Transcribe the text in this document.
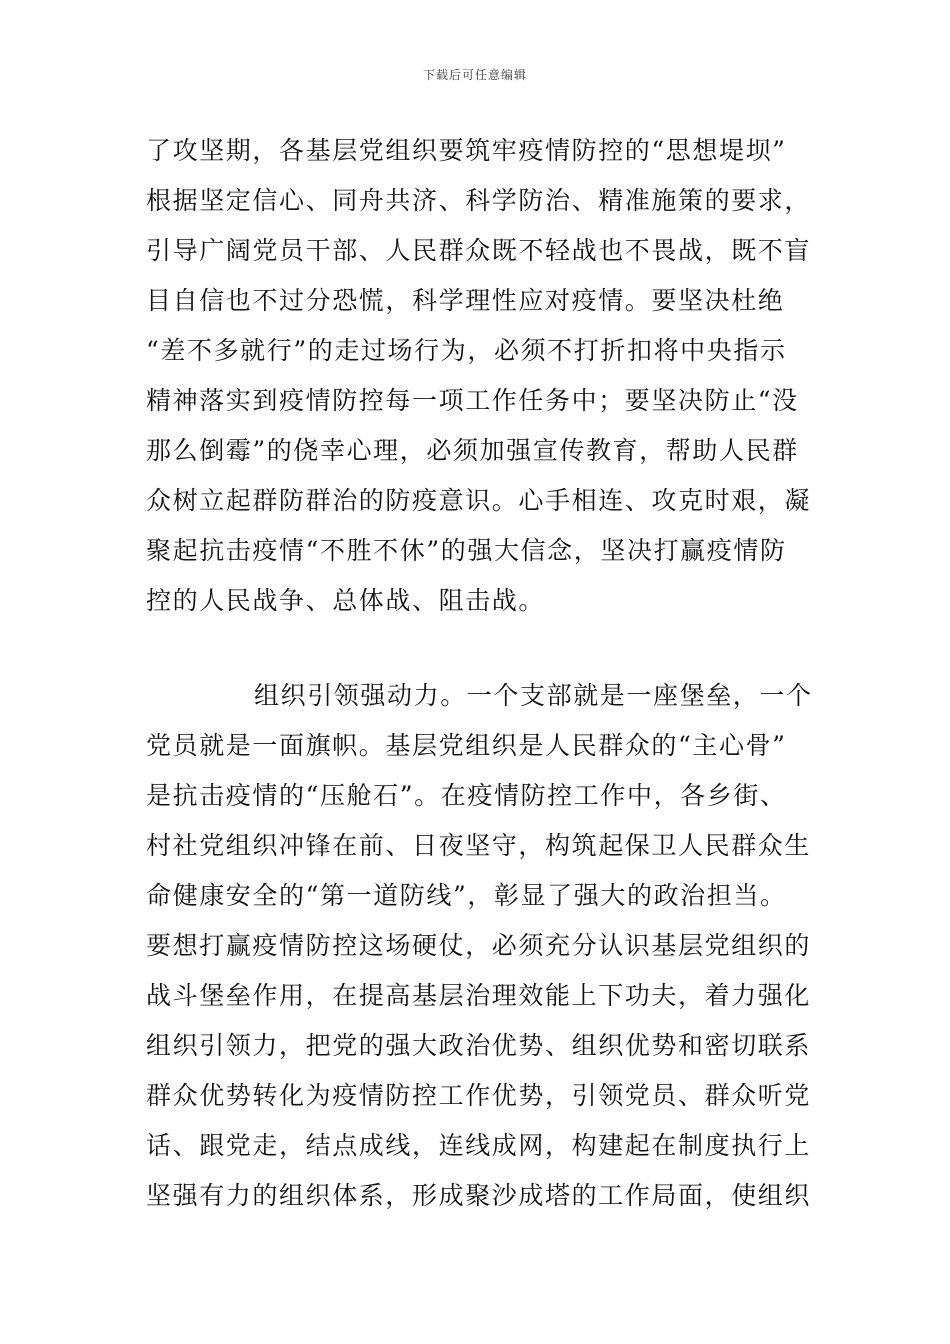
下载后可任意编辑
了攻坚期，各基层党组织要筑牢疫情防控的“思想堤坝”
根据坚定信心、同舟共济、科学防治、精准施策的要求，
引导广阔党员干部、人民群众既不轻战也不畏战，既不盲
目自信也不过分恐慌，科学理性应对疫情。要坚决杜绝
“差不多就行”的走过场行为，必须不打折扣将中央指示
精神落实到疫情防控每一项工作任务中；要坚决防止“没
那么倒霉”的侥幸心理，必须加强宣传教育，帮助人民群
众树立起群防群治的防疫意识。心手相连、攻克时艰，凝
聚起抗击疫情“不胜不休”的强大信念，坚决打赢疫情防
控的人民战争、总体战、阻击战。
组织引领强动力。一个支部就是一座堡垒，一个
党员就是一面旗帜。基层党组织是人民群众的“主心骨”
是抗击疫情的“压舱石”。在疫情防控工作中，各乡街、
村社党组织冲锋在前、日夜坚守，构筑起保卫人民群众生
命健康安全的“第一道防线”，彰显了强大的政治担当。
要想打赢疫情防控这场硬仗，必须充分认识基层党组织的
战斗堡垒作用，在提高基层治理效能上下功夫，着力强化
组织引领力，把党的强大政治优势、组织优势和密切联系
群众优势转化为疫情防控工作优势，引领党员、群众听党
话、跟党走，结点成线，连线成网，构建起在制度执行上
坚强有力的组织体系，形成聚沙成塔的工作局面，使组织
